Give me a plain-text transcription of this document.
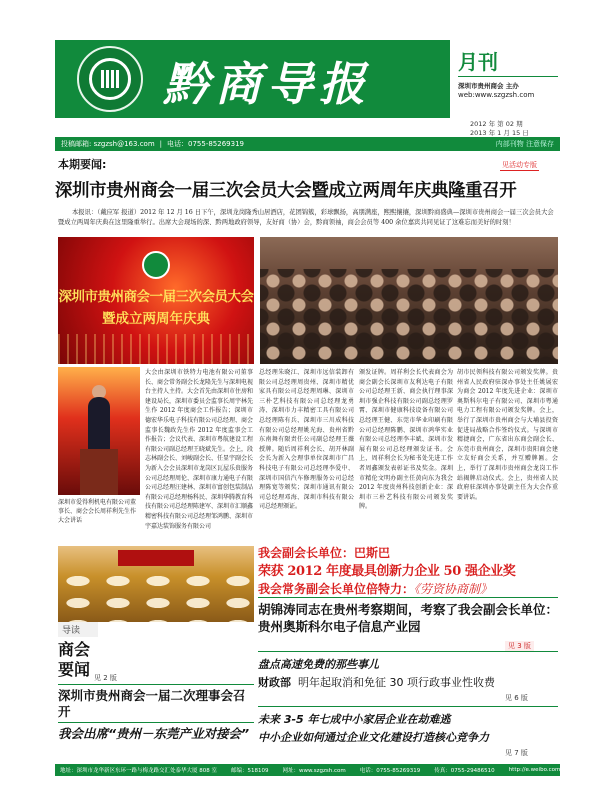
黔商导报	月刊
深圳市贵州商会 主办
web:www.szgzsh.com
2012 年 第 02 期
2013 年 1 月 15 日
投稿邮箱: szgzsh@163.com | 电话：0755-85269319	内部刊物 注意保存
本期要闻:	见活动专版
深圳市贵州商会一届三次会员大会暨成立两周年庆典隆重召开
本报讯：（戴应军 报道）2012 年 12 月 16 日下午，深圳龙岗隆秀山居酒店，花团锦簇，彩球飘扬，高朋满座，熙熙攘攘，深圳黔商盛典—深圳市贵州商会一届三次会员大会暨成立两周年庆典在这里隆重举行。出席大会现场的深、黔两地政府领导，友好商（协）会，黔商领袖，商会会员等 400 余位嘉宾共同见证了这难忘而美好的时刻！
深圳市贵州商会一届三次会员大会
暨成立两周年庆典
深圳市爱得利机电有限公司董事长、商会会长周祥利先生作大会讲话
大会由深圳市铁特力电池有限公司董事长、商会常务副会长龙隆先生与深圳电视台主持人主持。大会首先由深圳市住房和建设局长，深圳市委员会监事长周宇林先生作 2012 年度商会工作报告；深圳市德宏华乐电子科技有限公司总经理、商会监事长魏政先生作 2012 年度监事会工作报告；会议代表、深圳市粤航建设工程有限公司副总经理王晓斌先生。会上，段志林副会长、刘峻副会长、任显宇副会长为新入会会员深圳市龙岗区瓦屋乐贵服务公司总经理周伦、深圳市康力通电子有限公司总经理汪建林、深圳市富创包装制品有限公司总经理杨科民、深圳华腾教育科技有限公司总经理陈建军、深圳市汇顺鑫精密科技有限公司总经理邹鸿鹏、深圳市宇嘉达装饰服务有限公司
总经理朱晓江、深圳市远信装卸有限公司总经理周贵州、深圳市精优家具有限公司总经理周琳、深圳市三朴艺科技有限公司总经理龙勇涛、深圳市力丰精密工具有限公司总经理陈有兵、深圳市三川成科技有限公司总经理姚光海、贵州省黔东南舞有限责任公司副总经理王薇授牌。随后周祥利会长、胡开林副会长为新入会理事单位深圳市广昌科技电子有限公司总经理李爱中、深圳市国信汽车修理服务公司总经理陈宽等颁奖；深圳市通讯有限公司总经理邓海、深圳市科技有限公司总经理颁证。
颁发证牌。周祥利会长代表商会为商会副会长深圳市友利达电子有限公司总经理王新、商会执行理事深圳市强企科技有限公司副总经理罗霄、深圳市健康科技设备有限公司总经理王健、东莞市华业印刷有限公司总经理陈鹏、深圳市鸿华实业有限公司总经理李丰斌、深圳市发展有限公司总经理颁发证书。会上，周祥利会长为秘书处先进工作者周鑫颁发表彰证书及奖金。深圳市精伦文明办副主任黄向东为我会 2012 年度贵州科技创新企业：深圳市三朴艺科技有限公司颁发奖牌。
胡市民领科技有限公司颁发奖牌。贵州省人民政府驻深办事处主任姚展宏为商会 2012 年度先进企业：深圳市奥斯科尔电子有限公司、深圳市粤通电力工程有限公司颁发奖牌。会上，举行了深圳市贵州商会与大埔县投资促进局战略合作签约仪式。与深圳市精捷商会，广东省出东商会副会长、东莞市贵州商会，深圳市贵阳商会建立友好商会关系，并互赠牌匾。会上，举行了深圳市贵州商会龙岗工作站揭牌启动仪式。会上，贵州省人民政府驻深圳办事处副主任为大会作重要讲话。
导读
商会要闻 见 2 版
深圳市贵州商会一届二次理事会召开
我会出席“贵州－东莞产业对接会”
我会副会长单位：巴斯巴
荣获 2012 年度最具创新力企业 50 强企业奖
我会常务副会长单位倍特力：《劳资协商制》
胡锦涛同志在贵州考察期间，考察了我会副会长单位：贵州奥斯科尔电子信息产业园
见 3 版
盘点高速免费的那些事儿
财政部 明年起取消和免征 30 项行政事业性收费
见 6 版
未来 3-5 年七成中小家居企业在劫难逃
中小企业如何通过企业文化建设打造核心竞争力
见 7 版
地址：深圳市龙华新区东环一路与梅龙路交汇处泰华大厦 808 室	邮编：518109	网址：www.szgzsh.com	电话：0755-85269319	传真：0755-29486510	http://e.weibo.com/gzsh808
